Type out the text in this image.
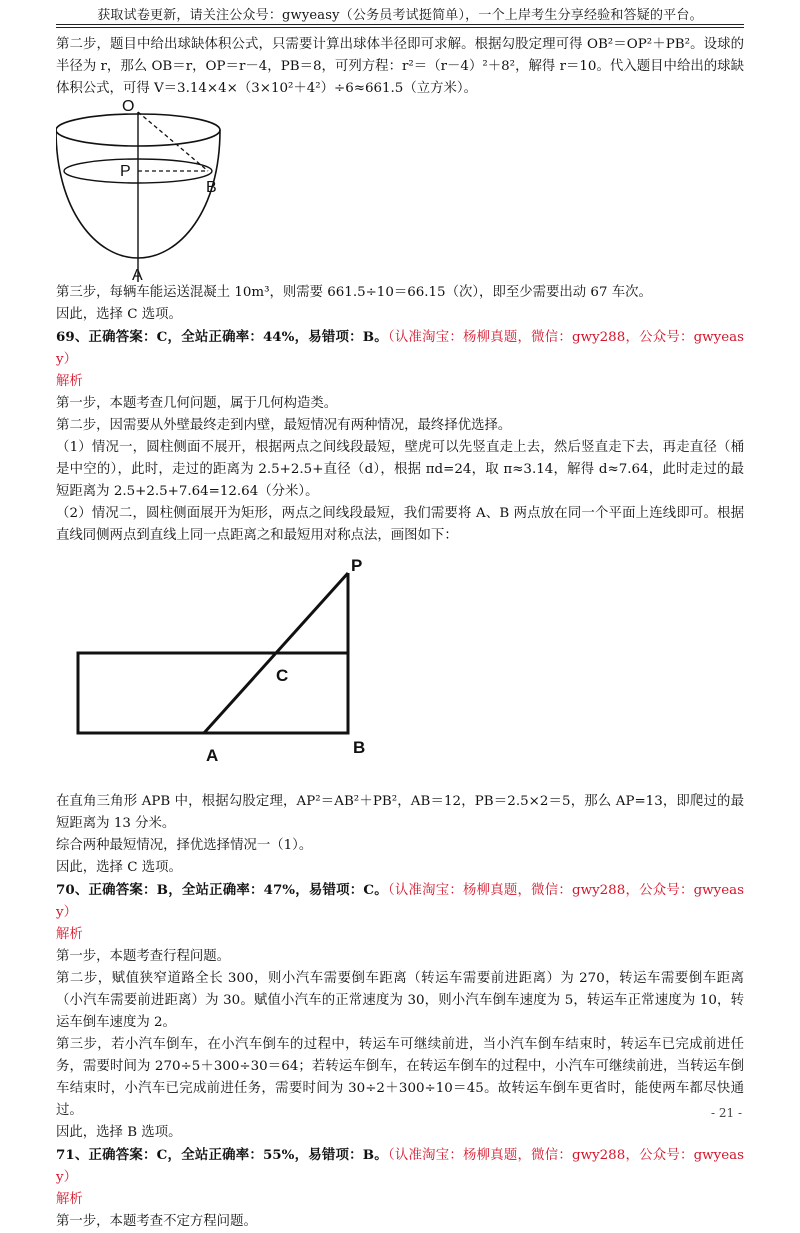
获取试卷更新，请关注公众号：gwyeasy（公务员考试挺简单），一个上岸考生分享经验和答疑的平台。

第二步，题目中给出球缺体积公式，只需要计算出球体半径即可求解。根据勾股定理可得 OB²＝OP²＋PB²。设球的半径为 r，那么 OB＝r，OP＝r－4，PB＝8，可列方程：r²＝（r－4）²＋8²，解得 r＝10。代入题目中给出的球缺体积公式，可得 V＝3.14×4×（3×10²＋4²）÷6≈661.5（立方米）。

O
P
B
A

第三步，每辆车能运送混凝土 10m³，则需要 661.5÷10＝66.15（次），即至少需要出动 67 车次。

因此，选择 C 选项。

69、正确答案：C，全站正确率：44%，易错项：B。（认准淘宝：杨柳真题，微信：gwy288，公众号：gwyeasy）

解析

第一步，本题考查几何问题，属于几何构造类。

第二步，因需要从外壁最终走到内壁，最短情况有两种情况，最终择优选择。

（1）情况一，圆柱侧面不展开，根据两点之间线段最短，壁虎可以先竖直走上去，然后竖直走下去，再走直径（桶是中空的），此时，走过的距离为 2.5+2.5+直径（d），根据 πd=24，取 π≈3.14，解得 d≈7.64，此时走过的最短距离为 2.5+2.5+7.64=12.64（分米）。

（2）情况二，圆柱侧面展开为矩形，两点之间线段最短，我们需要将 A、B 两点放在同一个平面上连线即可。根据直线同侧两点到直线上同一点距离之和最短用对称点法，画图如下：

P
C
A	B

在直角三角形 APB 中，根据勾股定理，AP²＝AB²＋PB²，AB＝12，PB＝2.5×2＝5，那么 AP=13，即爬过的最短距离为 13 分米。

综合两种最短情况，择优选择情况一（1）。

因此，选择 C 选项。

70、正确答案：B，全站正确率：47%，易错项：C。（认准淘宝：杨柳真题，微信：gwy288，公众号：gwyeasy）

解析

第一步，本题考查行程问题。

第二步，赋值狭窄道路全长 300，则小汽车需要倒车距离（转运车需要前进距离）为 270，转运车需要倒车距离（小汽车需要前进距离）为 30。赋值小汽车的正常速度为 30，则小汽车倒车速度为 5，转运车正常速度为 10，转运车倒车速度为 2。

第三步，若小汽车倒车，在小汽车倒车的过程中，转运车可继续前进，当小汽车倒车结束时，转运车已完成前进任务，需要时间为 270÷5＋300÷30＝64；若转运车倒车，在转运车倒车的过程中，小汽车可继续前进，当转运车倒车结束时，小汽车已完成前进任务，需要时间为 30÷2＋300÷10＝45。故转运车倒车更省时，能使两车都尽快通过。

因此，选择 B 选项。

71、正确答案：C，全站正确率：55%，易错项：B。（认准淘宝：杨柳真题，微信：gwy288，公众号：gwyeasy）

解析

第一步，本题考查不定方程问题。

- 21 -
